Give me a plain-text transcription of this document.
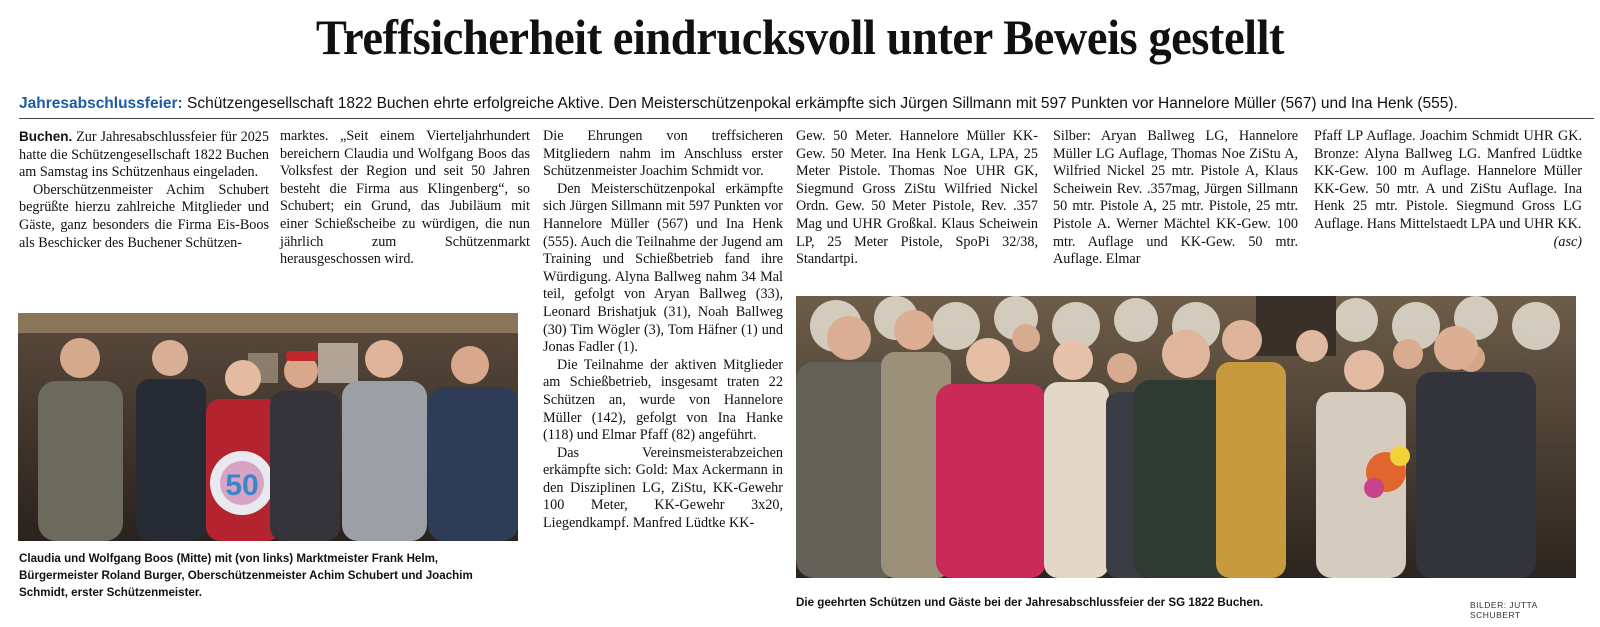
Treffsicherheit eindrucksvoll unter Beweis gestellt
Jahresabschlussfeier: Schützengesellschaft 1822 Buchen ehrte erfolgreiche Aktive. Den Meisterschützenpokal erkämpfte sich Jürgen Sillmann mit 597 Punkten vor Hannelore Müller (567) und Ina Henk (555).

Buchen. Zur Jahresabschlussfeier für 2025 hatte die Schützengesellschaft 1822 Buchen am Samstag ins Schützenhaus eingeladen.

Oberschützenmeister Achim Schubert begrüßte hierzu zahlreiche Mitglieder und Gäste, ganz besonders die Firma Eis-Boos als Beschicker des Buchener Schützen-

marktes. „Seit einem Vierteljahrhundert bereichern Claudia und Wolfgang Boos das Volksfest der Region und seit 50 Jahren besteht die Firma aus Klingenberg“, so Schubert; ein Grund, das Jubiläum mit einer Schießscheibe zu würdigen, die nun jährlich zum Schützenmarkt herausgeschossen wird.

Die Ehrungen von treffsicheren Mitgliedern nahm im Anschluss erster Schützenmeister Joachim Schmidt vor.

Den Meisterschützenpokal erkämpfte sich Jürgen Sillmann mit 597 Punkten vor Hannelore Müller (567) und Ina Henk (555). Auch die Teilnahme der Jugend am Training und Schießbetrieb fand ihre Würdigung. Alyna Ballweg nahm 34 Mal teil, gefolgt von Aryan Ballweg (33), Leonard Brishatjuk (31), Noah Ballweg (30) Tim Wögler (3), Tom Häfner (1) und Jonas Fadler (1).

Die Teilnahme der aktiven Mitglieder am Schießbetrieb, insgesamt traten 22 Schützen an, wurde von Hannelore Müller (142), gefolgt von Ina Hanke (118) und Elmar Pfaff (82) angeführt.

Das Vereinsmeisterabzeichen erkämpfte sich: Gold: Max Ackermann in den Disziplinen LG, ZiStu, KK-Gewehr 100 Meter, KK-Gewehr 3x20, Liegendkampf. Manfred Lüdtke KK-

Gew. 50 Meter. Hannelore Müller KK-Gew. 50 Meter. Ina Henk LGA, LPA, 25 Meter Pistole. Thomas Noe UHR GK, Siegmund Gross ZiStu Wilfried Nickel Ordn. Gew. 50 Meter Pistole, Rev. .357 Mag und UHR Großkal. Klaus Scheiwein LP, 25 Meter Pistole, SpoPi 32/38, Standartpi.

Silber: Aryan Ballweg LG, Hannelore Müller LG Auflage, Thomas Noe ZiStu A, Wilfried Nickel 25 mtr. Pistole A, Klaus Scheiwein Rev. .357mag, Jürgen Sillmann 50 mtr. Pistole A, 25 mtr. Pistole, 25 mtr. Pistole A. Werner Mächtel KK-Gew. 100 mtr. Auflage und KK-Gew. 50 mtr. Auflage. Elmar

Pfaff LP Auflage. Joachim Schmidt UHR GK. Bronze: Alyna Ballweg LG. Manfred Lüdtke KK-Gew. 100 m Auflage. Hannelore Müller KK-Gew. 50 mtr. A und ZiStu Auflage. Ina Henk 25 mtr. Pistole. Siegmund Gross LG Auflage. Hans Mittelstaedt LPA und UHR KK.
(asc)

50
Claudia und Wolfgang Boos (Mitte) mit (von links) Marktmeister Frank Helm, Bürgermeister Roland Burger, Oberschützenmeister Achim Schubert und Joachim Schmidt, erster Schützenmeister.
Die geehrten Schützen und Gäste bei der Jahresabschlussfeier der SG 1822 Buchen.	BILDER: JUTTA SCHUBERT
